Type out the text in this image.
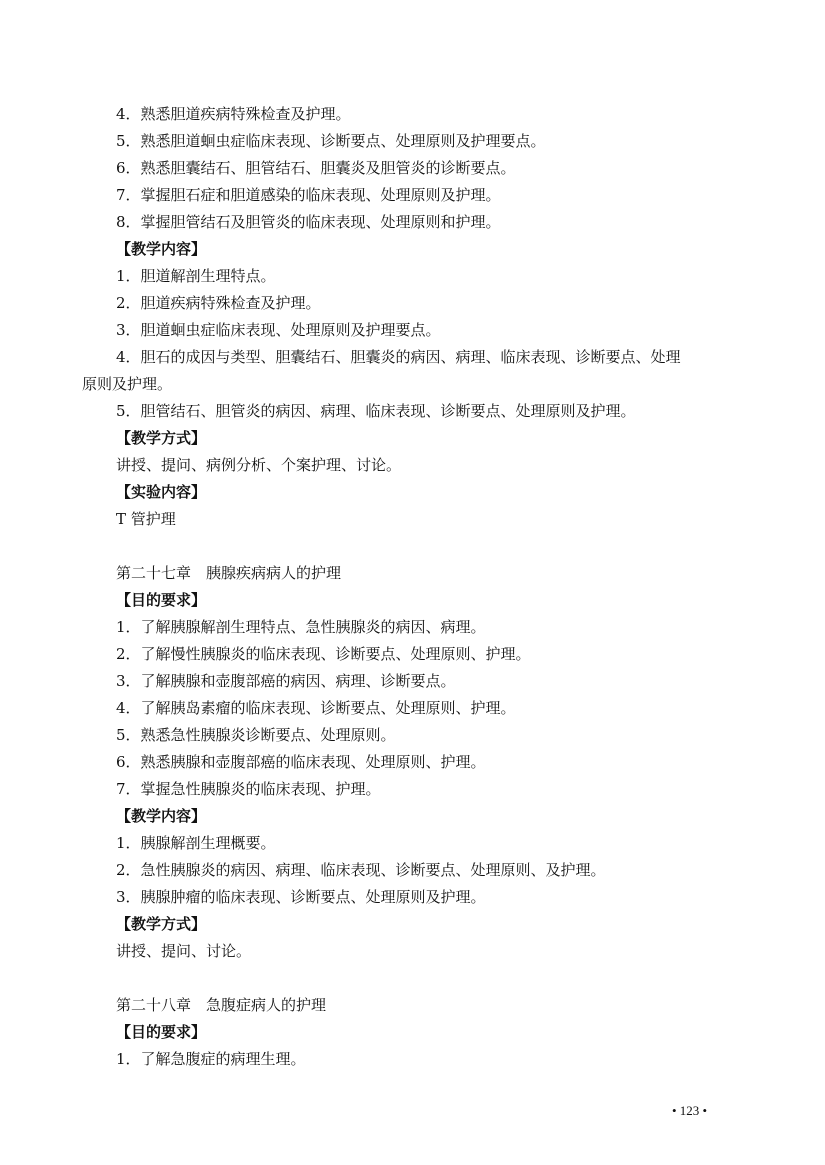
4．熟悉胆道疾病特殊检查及护理。
5．熟悉胆道蛔虫症临床表现、诊断要点、处理原则及护理要点。
6．熟悉胆囊结石、胆管结石、胆囊炎及胆管炎的诊断要点。
7．掌握胆石症和胆道感染的临床表现、处理原则及护理。
8．掌握胆管结石及胆管炎的临床表现、处理原则和护理。
【教学内容】
1．胆道解剖生理特点。
2．胆道疾病特殊检查及护理。
3．胆道蛔虫症临床表现、处理原则及护理要点。
4．胆石的成因与类型、胆囊结石、胆囊炎的病因、病理、临床表现、诊断要点、处理
原则及护理。
5．胆管结石、胆管炎的病因、病理、临床表现、诊断要点、处理原则及护理。
【教学方式】
讲授、提问、病例分析、个案护理、讨论。
【实验内容】
T 管护理
第二十七章　胰腺疾病病人的护理
【目的要求】
1．了解胰腺解剖生理特点、急性胰腺炎的病因、病理。
2．了解慢性胰腺炎的临床表现、诊断要点、处理原则、护理。
3．了解胰腺和壶腹部癌的病因、病理、诊断要点。
4．了解胰岛素瘤的临床表现、诊断要点、处理原则、护理。
5．熟悉急性胰腺炎诊断要点、处理原则。
6．熟悉胰腺和壶腹部癌的临床表现、处理原则、护理。
7．掌握急性胰腺炎的临床表现、护理。
【教学内容】
1．胰腺解剖生理概要。
2．急性胰腺炎的病因、病理、临床表现、诊断要点、处理原则、及护理。
3．胰腺肿瘤的临床表现、诊断要点、处理原则及护理。
【教学方式】
讲授、提问、讨论。
第二十八章　急腹症病人的护理
【目的要求】
1．了解急腹症的病理生理。
• 123 •
